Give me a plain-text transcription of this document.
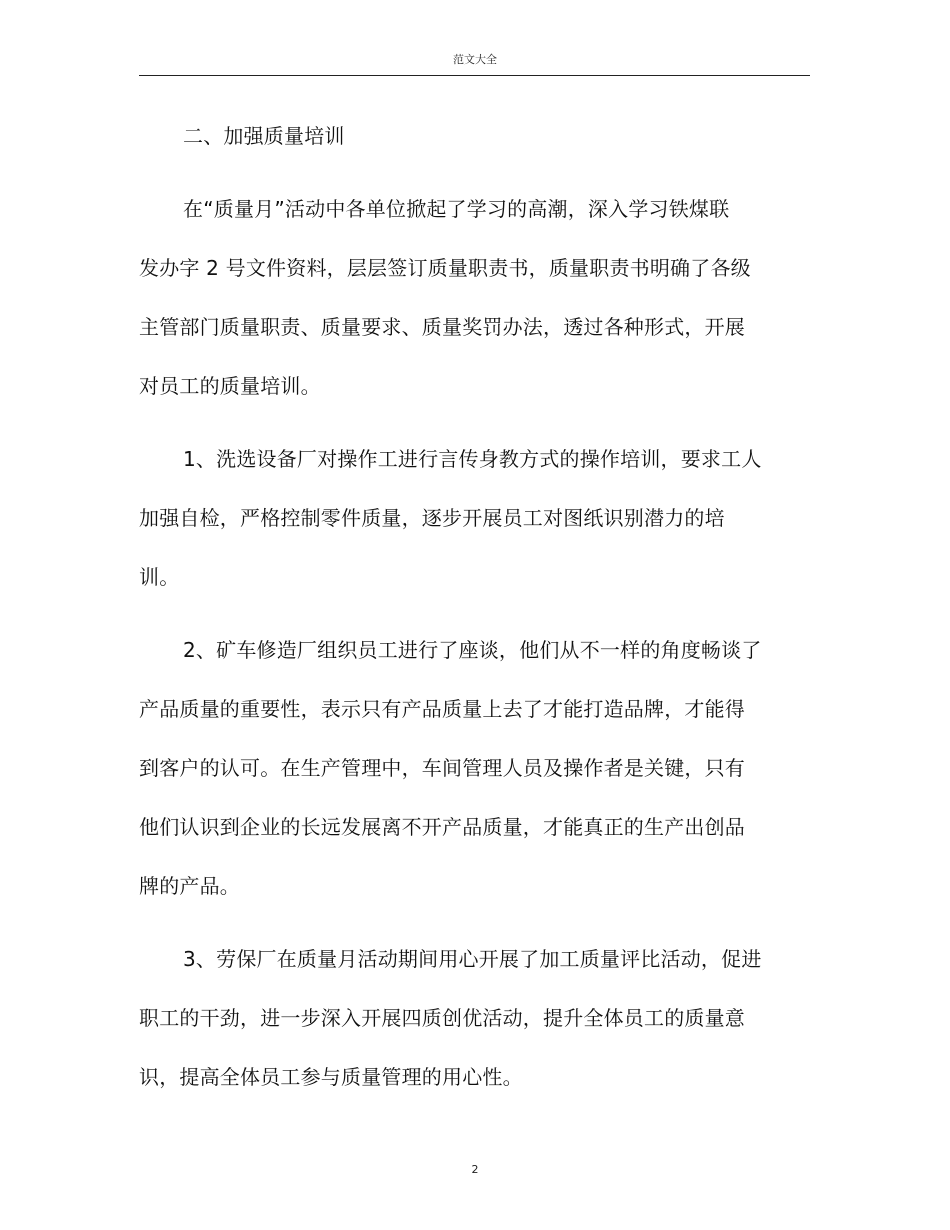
范文大全

二、加强质量培训

在“质量月”活动中各单位掀起了学习的高潮，深入学习铁煤联
发办字 2 号文件资料，层层签订质量职责书，质量职责书明确了各级
主管部门质量职责、质量要求、质量奖罚办法，透过各种形式，开展
对员工的质量培训。

1、洗选设备厂对操作工进行言传身教方式的操作培训，要求工人
加强自检，严格控制零件质量，逐步开展员工对图纸识别潜力的培
训。

2、矿车修造厂组织员工进行了座谈，他们从不一样的角度畅谈了
产品质量的重要性，表示只有产品质量上去了才能打造品牌，才能得
到客户的认可。在生产管理中，车间管理人员及操作者是关键，只有
他们认识到企业的长远发展离不开产品质量，才能真正的生产出创品
牌的产品。

3、劳保厂在质量月活动期间用心开展了加工质量评比活动，促进
职工的干劲，进一步深入开展四质创优活动，提升全体员工的质量意
识，提高全体员工参与质量管理的用心性。

2
